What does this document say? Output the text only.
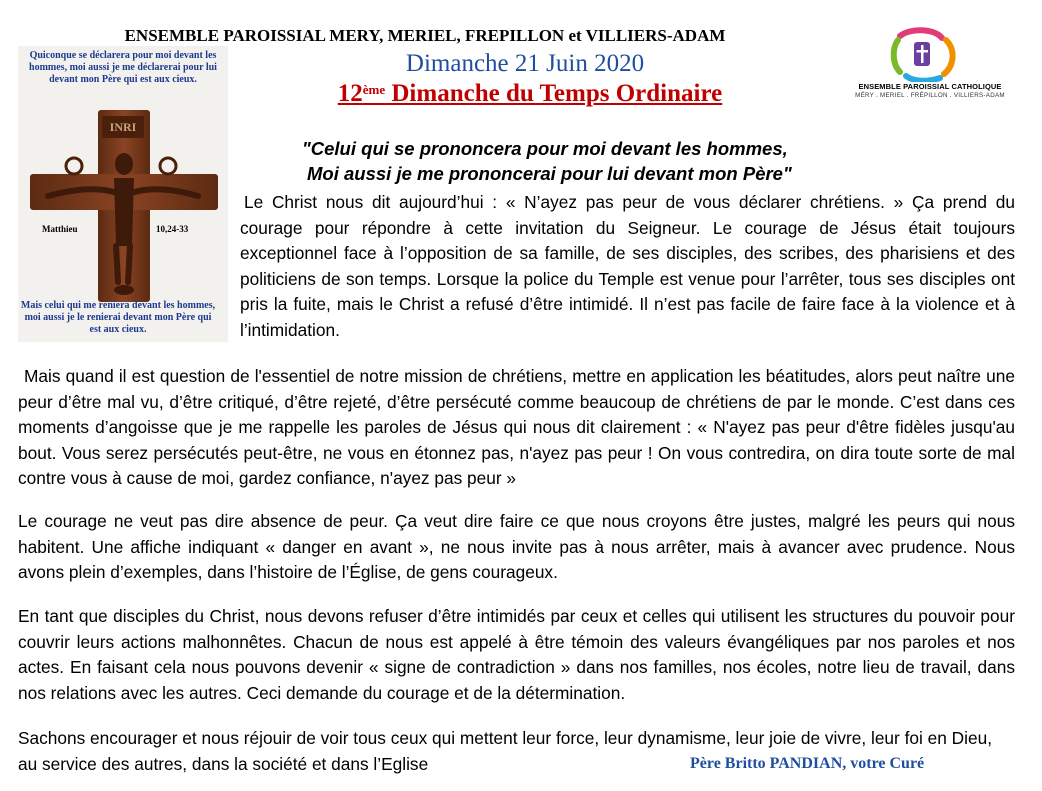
ENSEMBLE PAROISSIAL MERY, MERIEL, FREPILLON et VILLIERS-ADAM
Dimanche 21 Juin 2020
12ème Dimanche du Temps Ordinaire	ENSEMBLE PAROISSIAL CATHOLIQUE
MÉRY . MERIEL . FRÉPILLON . VILLIERS-ADAM
Quiconque se déclarera pour moi devant les hommes, moi aussi je me déclarerai pour lui devant mon Père qui est aux cieux.
INRI
Matthieu	10,24-33
Mais celui qui me reniera devant les hommes, moi aussi je le renierai devant mon Père qui est aux cieux.
"Celui qui se prononcera pour moi devant les hommes,
Moi aussi je me prononcerai pour lui devant mon Père"
Le Christ nous dit aujourd’hui : « N’ayez pas peur de vous déclarer chrétiens. » Ça prend du courage pour répondre à cette invitation du Seigneur. Le courage de Jésus était toujours exceptionnel face à l’opposition de sa famille, de ses disciples, des scribes, des pharisiens et des politiciens de son temps. Lorsque la police du Temple est venue pour l’arrêter, tous ses disciples ont pris la fuite, mais le Christ a refusé d’être intimidé. Il n’est pas facile de faire face à la violence et à l’intimidation.
Mais quand il est question de l'essentiel de notre mission de chrétiens, mettre en application les béatitudes, alors peut naître une peur d’être mal vu, d’être critiqué, d’être rejeté, d’être persécuté comme beaucoup de chrétiens de par le monde. C’est dans ces moments d’angoisse que je me rappelle les paroles de Jésus qui nous dit clairement : « N'ayez pas peur d'être fidèles jusqu'au bout. Vous serez persécutés peut-être, ne vous en étonnez pas, n'ayez pas peur ! On vous contredira, on dira toute sorte de mal contre vous à cause de moi, gardez confiance, n'ayez pas peur »
Le courage ne veut pas dire absence de peur. Ça veut dire faire ce que nous croyons être justes, malgré les peurs qui nous habitent. Une affiche indiquant « danger en avant », ne nous invite pas à nous arrêter, mais à avancer avec prudence. Nous avons plein d’exemples, dans l’histoire de l’Église, de gens courageux.
En tant que disciples du Christ, nous devons refuser d’être intimidés par ceux et celles qui utilisent les structures du pouvoir pour couvrir leurs actions malhonnêtes. Chacun de nous est appelé à être témoin des valeurs évangéliques par nos paroles et nos actes. En faisant cela nous pouvons devenir « signe de contradiction » dans nos familles, nos écoles, notre lieu de travail, dans nos relations avec les autres. Ceci demande du courage et de la détermination.
Sachons encourager et nous réjouir de voir tous ceux qui mettent leur force, leur dynamisme, leur joie de vivre, leur foi en Dieu, au service des autres, dans la société et dans l’Eglise	Père Britto PANDIAN, votre Curé
